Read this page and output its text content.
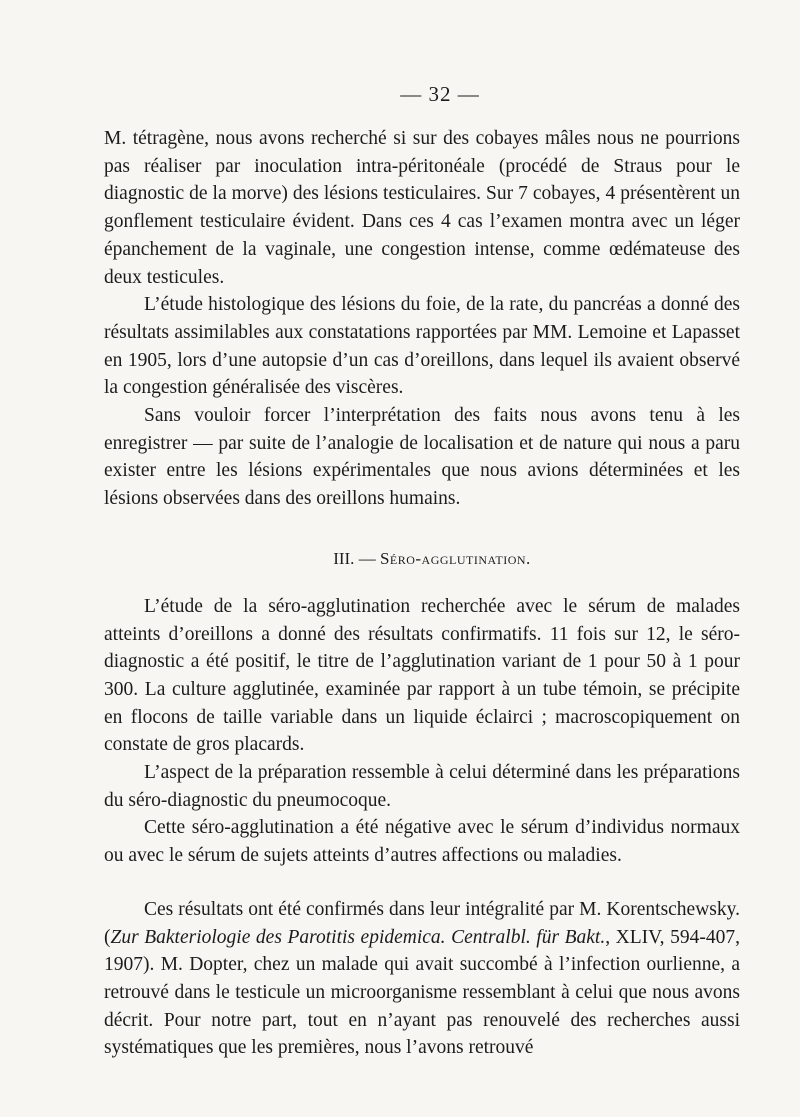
— 32 —

M. tétragène, nous avons recherché si sur des cobayes mâles nous ne pourrions pas réaliser par inoculation intra-péritonéale (procédé de Straus pour le diagnostic de la morve) des lésions testiculaires. Sur 7 cobayes, 4 présentèrent un gonflement testiculaire évident. Dans ces 4 cas l’examen montra avec un léger épanchement de la vaginale, une congestion intense, comme œdémateuse des deux testicules.

L’étude histologique des lésions du foie, de la rate, du pancréas a donné des résultats assimilables aux constatations rapportées par MM. Lemoine et Lapasset en 1905, lors d’une autopsie d’un cas d’oreillons, dans lequel ils avaient observé la congestion généralisée des viscères.

Sans vouloir forcer l’interprétation des faits nous avons tenu à les enregistrer — par suite de l’analogie de localisation et de nature qui nous a paru exister entre les lésions expérimentales que nous avions déterminées et les lésions observées dans des oreillons humains.

III. — Séro-agglutination.

L’étude de la séro-agglutination recherchée avec le sérum de malades atteints d’oreillons a donné des résultats confirmatifs. 11 fois sur 12, le séro-diagnostic a été positif, le titre de l’agglutination variant de 1 pour 50 à 1 pour 300. La culture agglutinée, examinée par rapport à un tube témoin, se précipite en flocons de taille variable dans un liquide éclairci ; macroscopiquement on constate de gros placards.

L’aspect de la préparation ressemble à celui déterminé dans les préparations du séro-diagnostic du pneumocoque.

Cette séro-agglutination a été négative avec le sérum d’individus normaux ou avec le sérum de sujets atteints d’autres affections ou maladies.

Ces résultats ont été confirmés dans leur intégralité par M. Korentschewsky. (Zur Bakteriologie des Parotitis epidemica. Centralbl. für Bakt., XLIV, 594-407, 1907). M. Dopter, chez un malade qui avait succombé à l’infection ourlienne, a retrouvé dans le testicule un microorganisme ressemblant à celui que nous avons décrit. Pour notre part, tout en n’ayant pas renouvelé des recherches aussi systématiques que les premières, nous l’avons retrouvé
